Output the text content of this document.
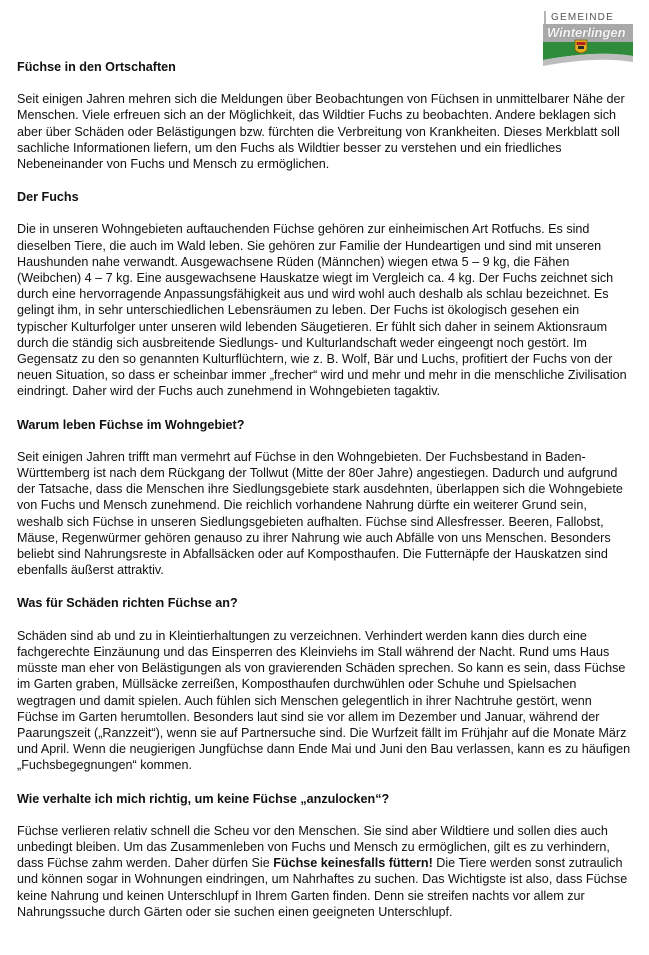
GEMEINDE
Winterlingen
Füchse in den Ortschaften

Seit einigen Jahren mehren sich die Meldungen über Beobachtungen von Füchsen in unmittelbarer Nähe der Menschen. Viele erfreuen sich an der Möglichkeit, das Wildtier Fuchs zu beobachten. Andere beklagen sich aber über Schäden oder Belästigungen bzw. fürchten die Verbreitung von Krankheiten. Dieses Merkblatt soll sachliche Informationen liefern, um den Fuchs als Wildtier besser zu verstehen und ein friedliches Nebeneinander von Fuchs und Mensch zu ermöglichen.

Der Fuchs

Die in unseren Wohngebieten auftauchenden Füchse gehören zur einheimischen Art Rotfuchs. Es sind dieselben Tiere, die auch im Wald leben. Sie gehören zur Familie der Hundeartigen und sind mit unseren Haushunden nahe verwandt. Ausgewachsene Rüden (Männchen) wiegen etwa 5 – 9 kg, die Fähen (Weibchen) 4 – 7 kg. Eine ausgewachsene Hauskatze wiegt im Vergleich ca. 4 kg. Der Fuchs zeichnet sich durch eine hervorragende Anpassungsfähigkeit aus und wird wohl auch deshalb als schlau bezeichnet. Es gelingt ihm, in sehr unterschiedlichen Lebensräumen zu leben. Der Fuchs ist ökologisch gesehen ein typischer Kulturfolger unter unseren wild lebenden Säugetieren. Er fühlt sich daher in seinem Aktionsraum durch die ständig sich ausbreitende Siedlungs- und Kulturlandschaft weder eingeengt noch gestört. Im Gegensatz zu den so genannten Kulturflüchtern, wie z. B. Wolf, Bär und Luchs, profitiert der Fuchs von der neuen Situation, so dass er scheinbar immer „frecher“ wird und mehr und mehr in die menschliche Zivilisation eindringt. Daher wird der Fuchs auch zunehmend in Wohngebieten tagaktiv.

Warum leben Füchse im Wohngebiet?

Seit einigen Jahren trifft man vermehrt auf Füchse in den Wohngebieten. Der Fuchsbestand in Baden-Württemberg ist nach dem Rückgang der Tollwut (Mitte der 80er Jahre) angestiegen. Dadurch und aufgrund der Tatsache, dass die Menschen ihre Siedlungsgebiete stark ausdehnten, überlappen sich die Wohngebiete von Fuchs und Mensch zunehmend. Die reichlich vorhandene Nahrung dürfte ein weiterer Grund sein, weshalb sich Füchse in unseren Siedlungsgebieten aufhalten. Füchse sind Allesfresser. Beeren, Fallobst, Mäuse, Regenwürmer gehören genauso zu ihrer Nahrung wie auch Abfälle von uns Menschen. Besonders beliebt sind Nahrungsreste in Abfallsäcken oder auf Komposthaufen. Die Futternäpfe der Hauskatzen sind ebenfalls äußerst attraktiv.

Was für Schäden richten Füchse an?

Schäden sind ab und zu in Kleintierhaltungen zu verzeichnen. Verhindert werden kann dies durch eine fachgerechte Einzäunung und das Einsperren des Kleinviehs im Stall während der Nacht. Rund ums Haus müsste man eher von Belästigungen als von gravierenden Schäden sprechen. So kann es sein, dass Füchse im Garten graben, Müllsäcke zerreißen, Komposthaufen durchwühlen oder Schuhe und Spielsachen wegtragen und damit spielen. Auch fühlen sich Menschen gelegentlich in ihrer Nachtruhe gestört, wenn Füchse im Garten herumtollen. Besonders laut sind sie vor allem im Dezember und Januar, während der Paarungszeit („Ranzzeit“), wenn sie auf Partnersuche sind. Die Wurfzeit fällt im Frühjahr auf die Monate März und April. Wenn die neugierigen Jungfüchse dann Ende Mai und Juni den Bau verlassen, kann es zu häufigen „Fuchsbegegnungen“ kommen.

Wie verhalte ich mich richtig, um keine Füchse „anzulocken“?

Füchse verlieren relativ schnell die Scheu vor den Menschen. Sie sind aber Wildtiere und sollen dies auch unbedingt bleiben. Um das Zusammenleben von Fuchs und Mensch zu ermöglichen, gilt es zu verhindern, dass Füchse zahm werden. Daher dürfen Sie Füchse keinesfalls füttern! Die Tiere werden sonst zutraulich und können sogar in Wohnungen eindringen, um Nahrhaftes zu suchen. Das Wichtigste ist also, dass Füchse keine Nahrung und keinen Unterschlupf in Ihrem Garten finden. Denn sie streifen nachts vor allem zur Nahrungssuche durch Gärten oder sie suchen einen geeigneten Unterschlupf.
